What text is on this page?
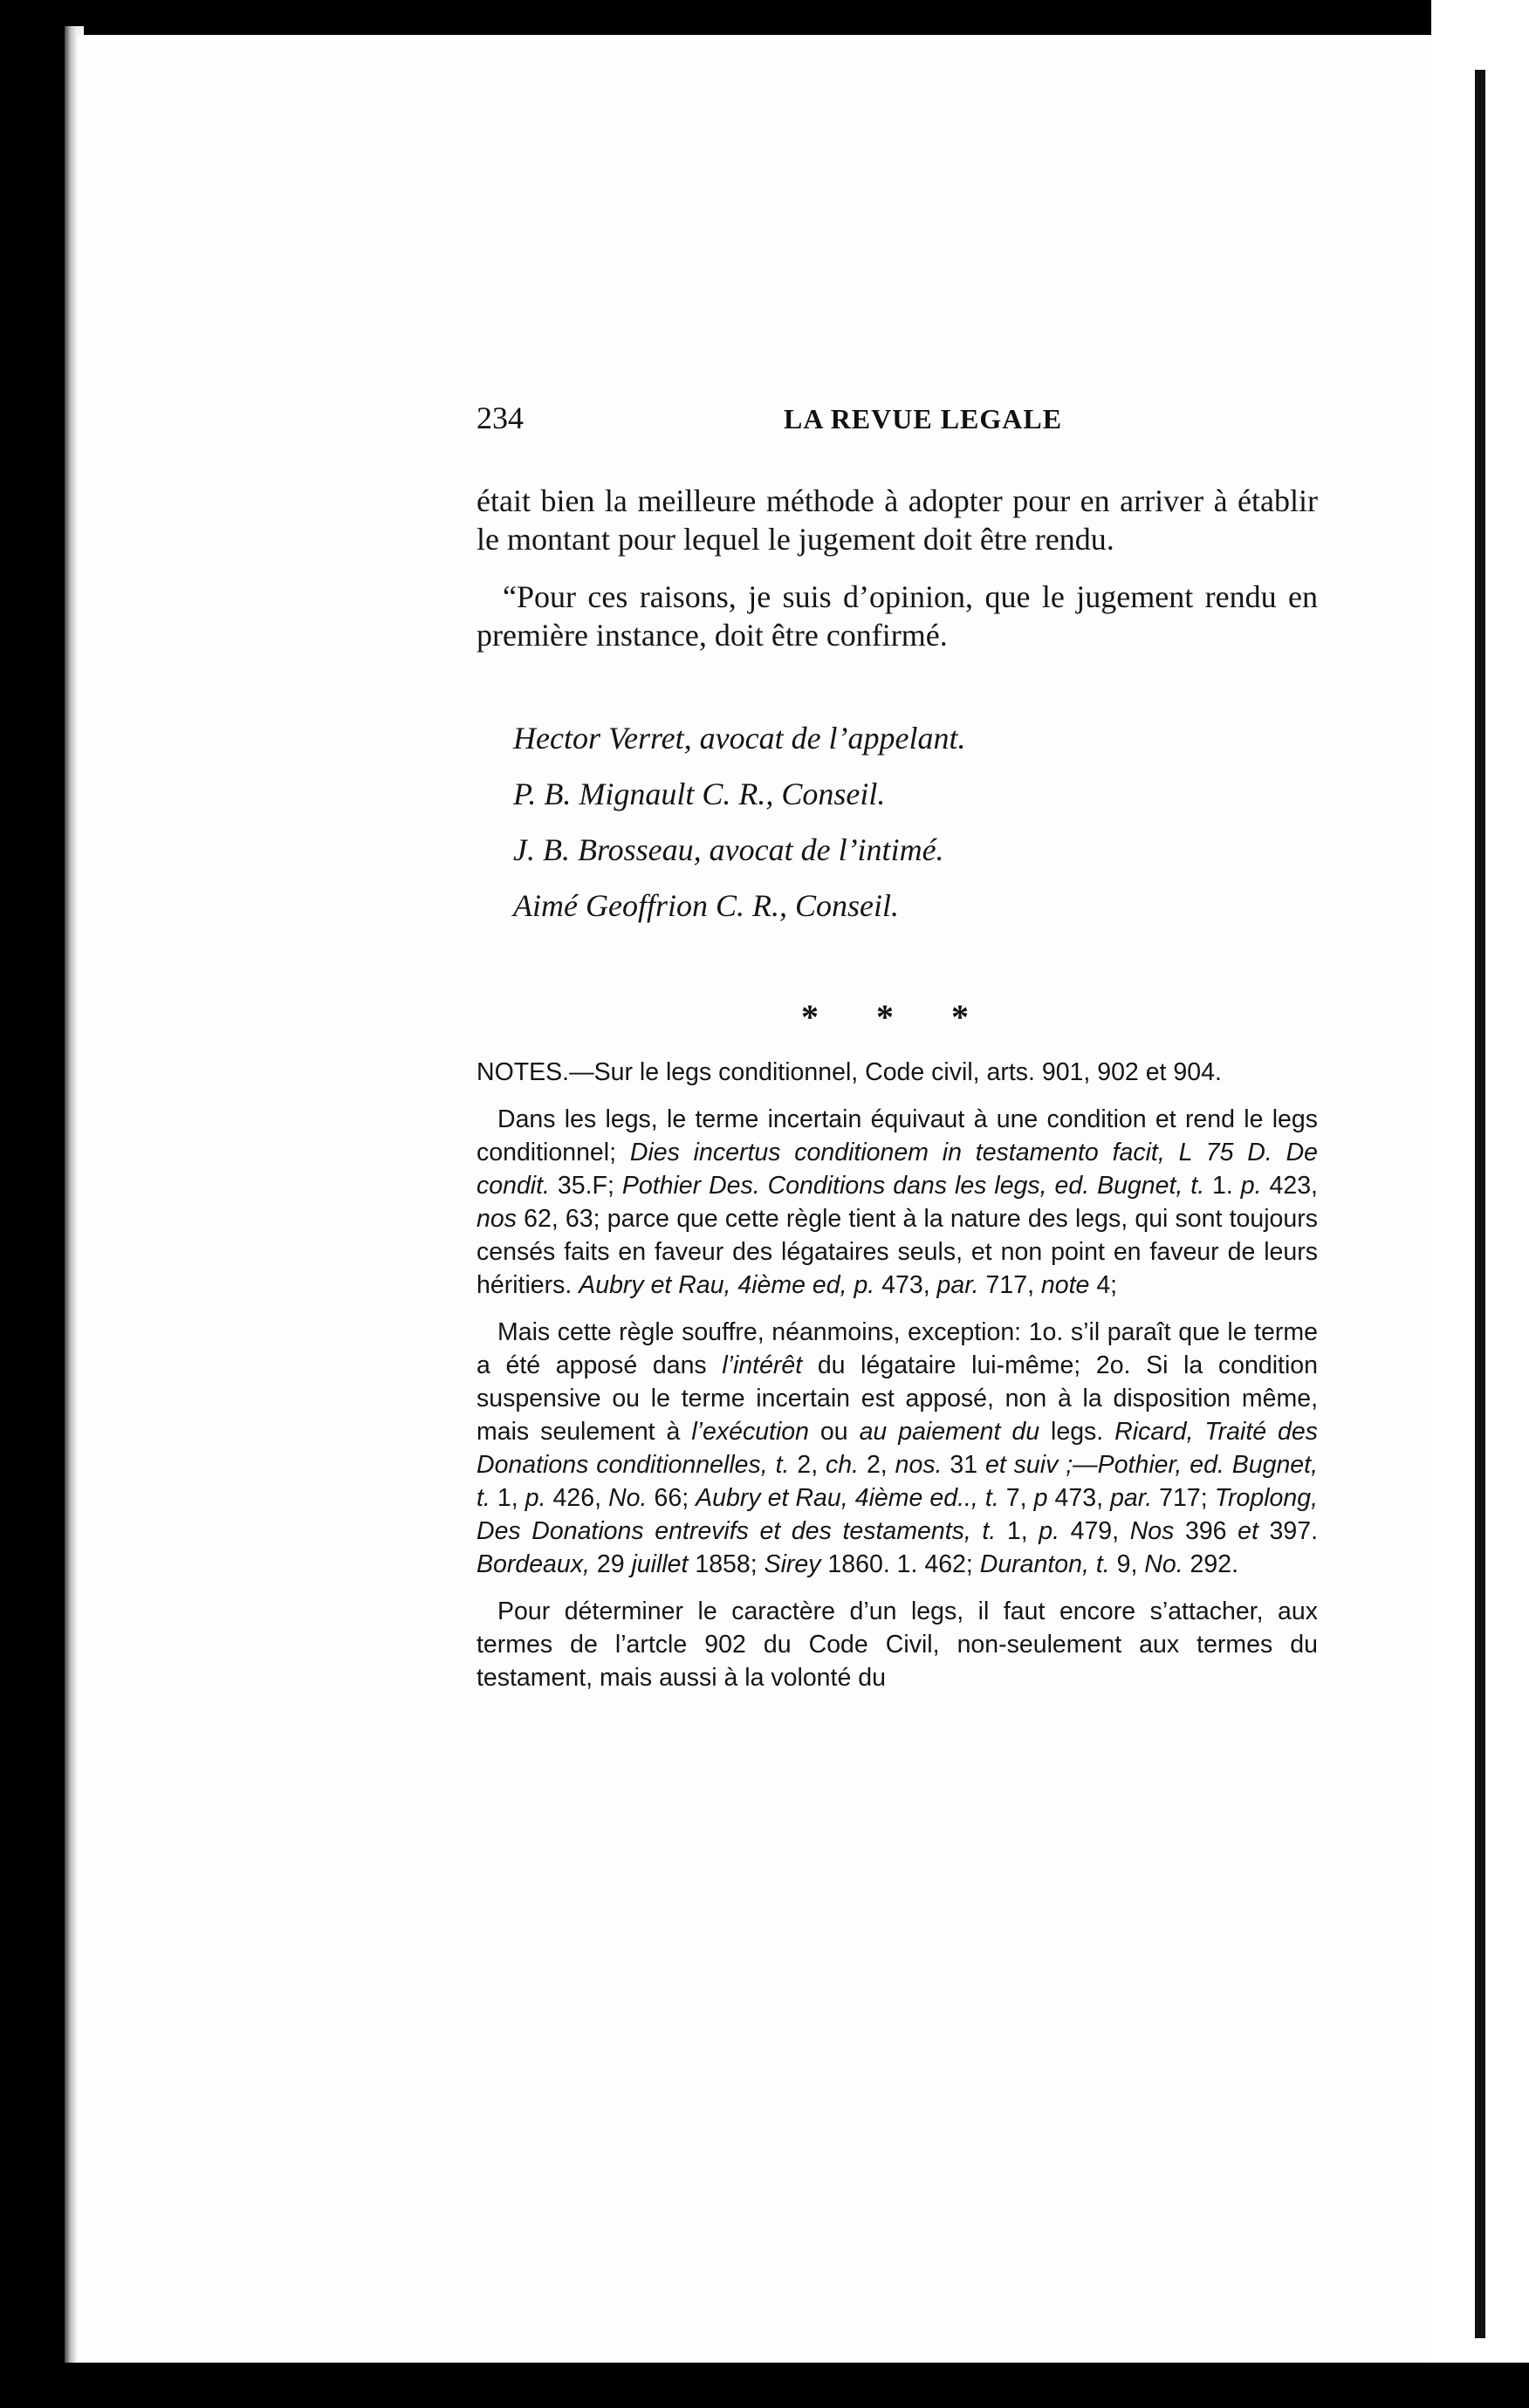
234	LA REVUE LEGALE

était bien la meilleure méthode à adopter pour en arriver à établir le montant pour lequel le jugement doit être rendu.

“Pour ces raisons, je suis d’opinion, que le jugement rendu en première instance, doit être confirmé.

Hector Verret, avocat de l’appelant.
P. B. Mignault C. R., Conseil.
J. B. Brosseau, avocat de l’intimé.
Aimé Geoffrion C. R., Conseil.
* * *

NOTES.—Sur le legs conditionnel, Code civil, arts. 901, 902 et 904.

Dans les legs, le terme incertain équivaut à une condition et rend le legs conditionnel; Dies incertus conditionem in testamento facit, L 75 D. De condit. 35.F; Pothier Des. Conditions dans les legs, ed. Bugnet, t. 1. p. 423, nos 62, 63; parce que cette règle tient à la nature des legs, qui sont toujours censés faits en faveur des légataires seuls, et non point en faveur de leurs héritiers. Aubry et Rau, 4ième ed, p. 473, par. 717, note 4;

Mais cette règle souffre, néanmoins, exception: 1o. s’il paraît que le terme a été apposé dans l’intérêt du légataire lui-même; 2o. Si la condition suspensive ou le terme incertain est apposé, non à la disposition même, mais seulement à l’exécution ou au paiement du legs. Ricard, Traité des Donations conditionnelles, t. 2, ch. 2, nos. 31 et suiv ;—Pothier, ed. Bugnet, t. 1, p. 426, No. 66; Aubry et Rau, 4ième ed.., t. 7, p 473, par. 717; Troplong, Des Donations entrevifs et des testaments, t. 1, p. 479, Nos 396 et 397. Bordeaux, 29 juillet 1858; Sirey 1860. 1. 462; Duranton, t. 9, No. 292.

Pour déterminer le caractère d’un legs, il faut encore s’attacher, aux termes de l’artcle 902 du Code Civil, non-seulement aux termes du testament, mais aussi à la volonté du
